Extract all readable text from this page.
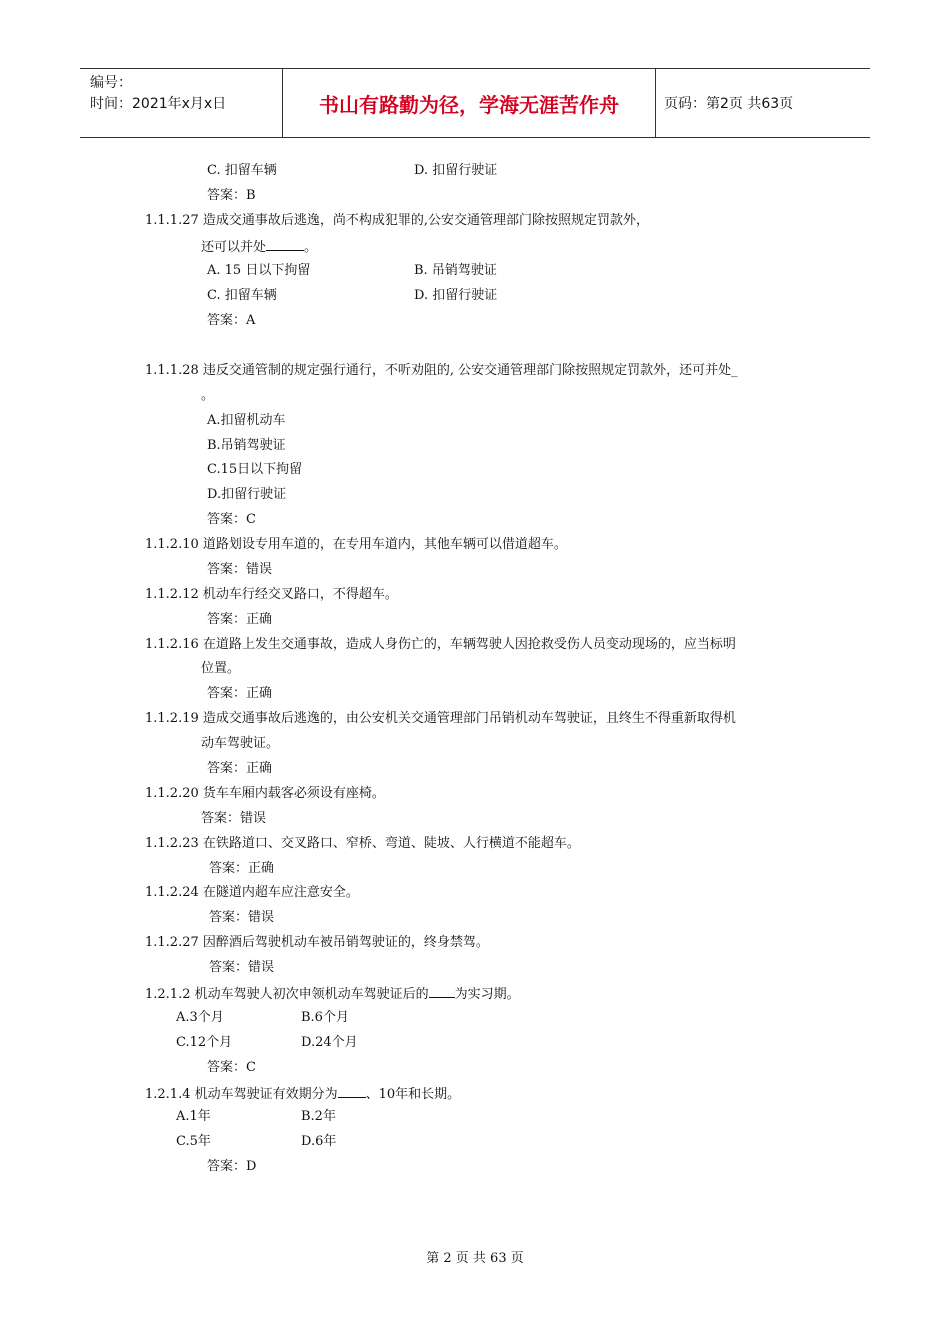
编号：
时间：2021年x月x日	书山有路勤为径，学海无涯苦作舟	页码：第2页 共63页
C. 扣留车辆	D. 扣留行驶证
答案：B
1.1.1.27 造成交通事故后逃逸，尚不构成犯罪的,公安交通管理部门除按照规定罚款外，
还可以并处	。
A. 15 日以下拘留	B. 吊销驾驶证
C. 扣留车辆	D. 扣留行驶证
答案：A
1.1.1.28 违反交通管制的规定强行通行，不听劝阻的, 公安交通管理部门除按照规定罚款外，还可并处_
。
A.扣留机动车
B.吊销驾驶证
C.15日以下拘留
D.扣留行驶证
答案：C
1.1.2.10 道路划设专用车道的，在专用车道内，其他车辆可以借道超车。
答案：错误
1.1.2.12 机动车行经交叉路口，不得超车。
答案：正确
1.1.2.16 在道路上发生交通事故，造成人身伤亡的，车辆驾驶人因抢救受伤人员变动现场的，应当标明
位置。
答案：正确
1.1.2.19 造成交通事故后逃逸的，由公安机关交通管理部门吊销机动车驾驶证，且终生不得重新取得机
动车驾驶证。
答案：正确
1.1.2.20 货车车厢内载客必须设有座椅。
答案：错误
1.1.2.23 在铁路道口、交叉路口、窄桥、弯道、陡坡、人行横道不能超车。
答案：正确
1.1.2.24 在隧道内超车应注意安全。
答案：错误
1.1.2.27 因醉酒后驾驶机动车被吊销驾驶证的，终身禁驾。
答案：错误
1.2.1.2 机动车驾驶人初次申领机动车驾驶证后的 为实习期。
A.3个月	B.6个月
C.12个月	D.24个月
答案：C
1.2.1.4 机动车驾驶证有效期分为 、10年和长期。
A.1年	B.2年
C.5年	D.6年
答案：D
第 2 页 共 63 页
